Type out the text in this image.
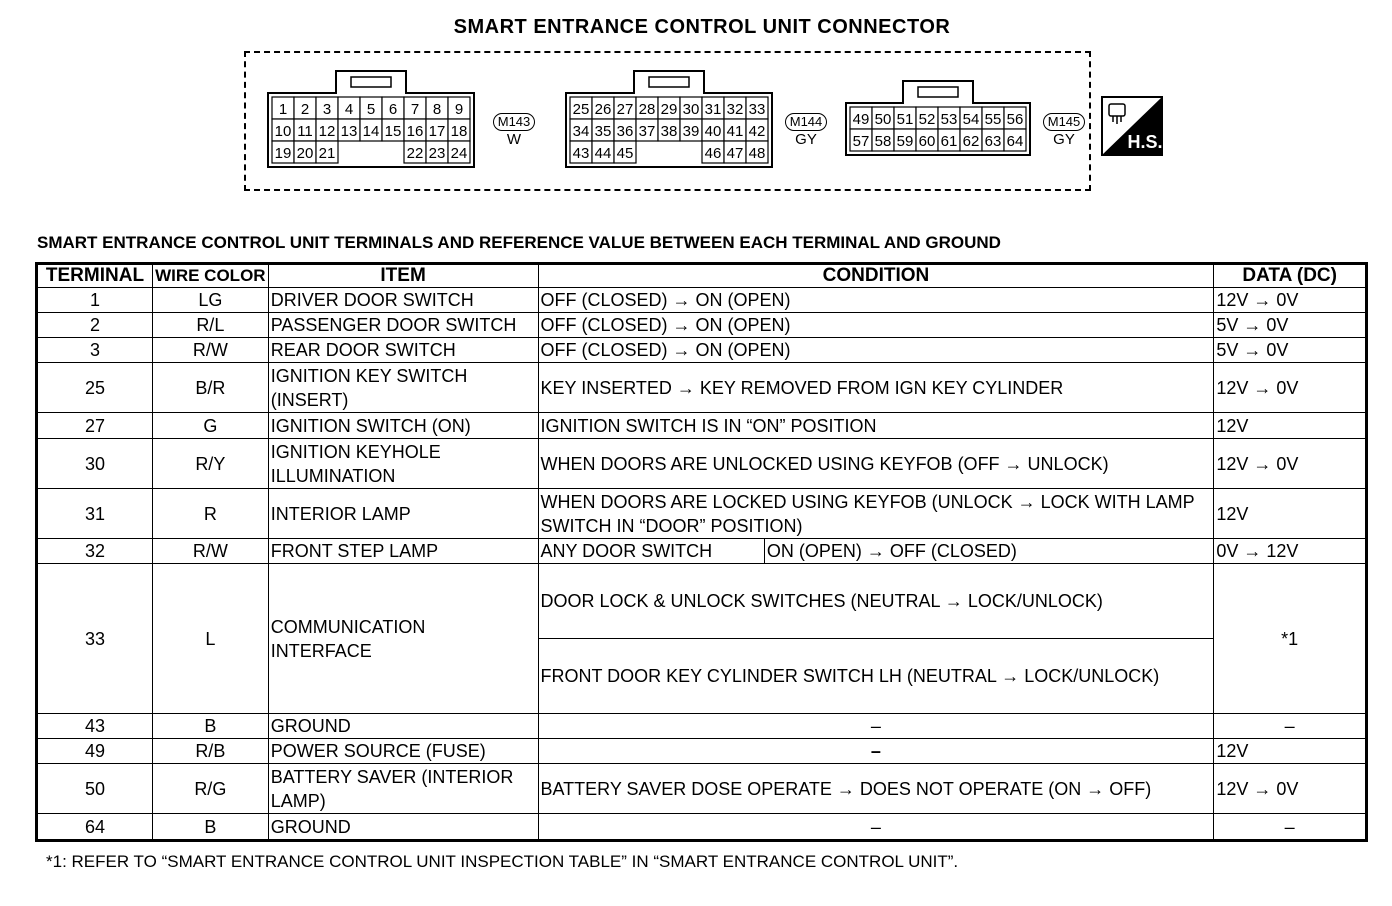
SMART ENTRANCE CONTROL UNIT CONNECTOR
1 2 3 4 5 6 7 8 9
10 11 12 13 14 15 16 17 18
19 20 21	22 23 24
M143
W
25 26 27 28 29 30 31 32 33
34 35 36 37 38 39 40 41 42
43 44 45	46 47 48
M144
GY
49 50 51 52 53 54 55 56
57 58 59 60 61 62 63 64
M145
GY	H.S.
SMART ENTRANCE CONTROL UNIT TERMINALS AND REFERENCE VALUE BETWEEN EACH TERMINAL AND GROUND
TERMINAL	WIRE COLOR	ITEM	CONDITION		DATA (DC)
1	LG	DRIVER DOOR SWITCH	OFF (CLOSED) → ON (OPEN)		12V → 0V
2	R/L	PASSENGER DOOR SWITCH	OFF (CLOSED) → ON (OPEN)		5V → 0V
3	R/W	REAR DOOR SWITCH	OFF (CLOSED) → ON (OPEN)		5V → 0V
25	B/R	IGNITION KEY SWITCH (INSERT)	KEY INSERTED → KEY REMOVED FROM IGN KEY CYLINDER		12V → 0V
27	G	IGNITION SWITCH (ON)	IGNITION SWITCH IS IN “ON” POSITION		12V
30	R/Y	IGNITION KEYHOLE ILLUMINATION	WHEN DOORS ARE UNLOCKED USING KEYFOB (OFF → UNLOCK)		12V → 0V
31	R	INTERIOR LAMP	WHEN DOORS ARE LOCKED USING KEYFOB (UNLOCK → LOCK WITH LAMP SWITCH IN “DOOR” POSITION)		12V
32	R/W	FRONT STEP LAMP	ANY DOOR SWITCH	ON (OPEN) → OFF (CLOSED)	0V → 12V
33	L	COMMUNICATION INTERFACE	DOOR LOCK & UNLOCK SWITCHES (NEUTRAL → LOCK/UNLOCK)		*1
			FRONT DOOR KEY CYLINDER SWITCH LH (NEUTRAL → LOCK/UNLOCK)		
43	B	GROUND	–		–
49	R/B	POWER SOURCE (FUSE)	–		12V
50	R/G	BATTERY SAVER (INTERIOR LAMP)	BATTERY SAVER DOSE OPERATE → DOES NOT OPERATE (ON → OFF)		12V → 0V
64	B	GROUND	–		–
*1: REFER TO “SMART ENTRANCE CONTROL UNIT INSPECTION TABLE” IN “SMART ENTRANCE CONTROL UNIT”.
